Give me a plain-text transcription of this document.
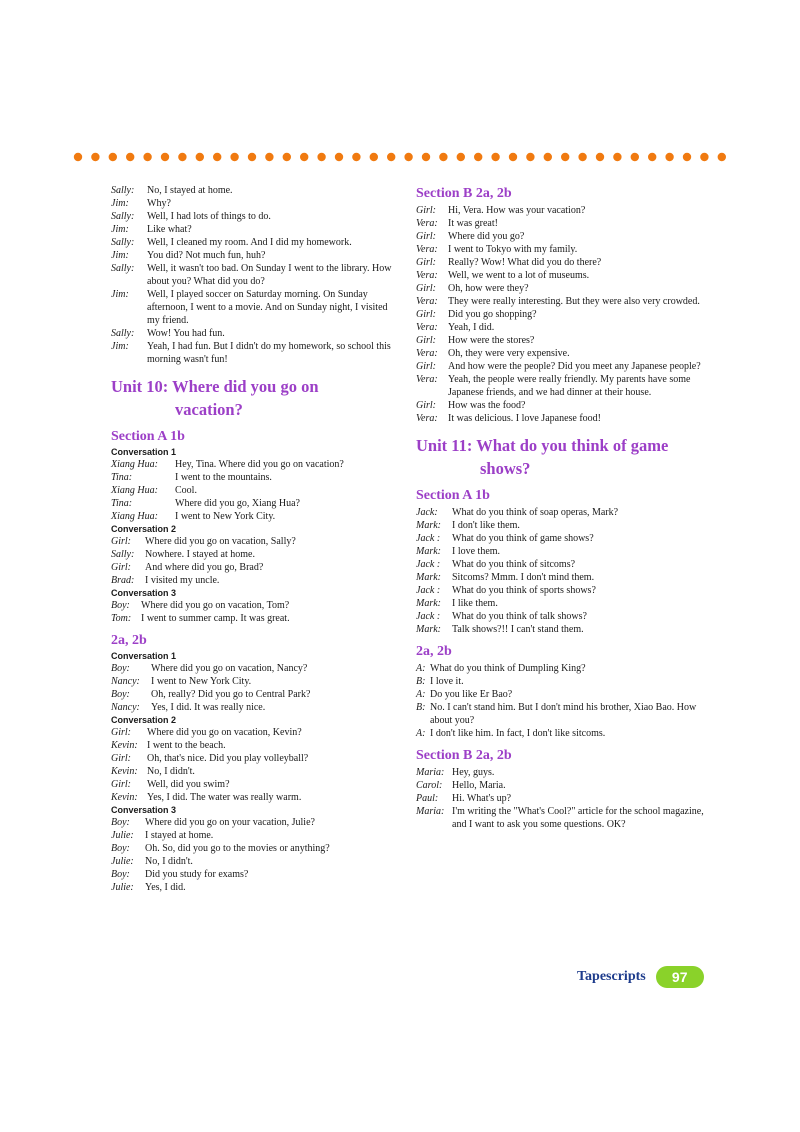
Sally:	No, I stayed at home.
Jim:	Why?
Sally:	Well, I had lots of things to do.
Jim:	Like what?
Sally:	Well, I cleaned my room. And I did my homework.
Jim:	You did? Not much fun, huh?
Sally:	Well, it wasn't too bad. On Sunday I went to the library. How about you? What did you do?
Jim:	Well, I played soccer on Saturday morning. On Sunday afternoon, I went to a movie. And on Sunday night, I visited my friend.
Sally:	Wow! You had fun.
Jim:	Yeah, I had fun. But I didn't do my homework, so school this morning wasn't fun!
Unit 10: Where did you go on
vacation?
Section A 1b
Conversation 1
Xiang Hua:	Hey, Tina. Where did you go on vacation?
Tina:	I went to the mountains.
Xiang Hua:	Cool.
Tina:	Where did you go, Xiang Hua?
Xiang Hua:	I went to New York City.
Conversation 2
Girl:	Where did you go on vacation, Sally?
Sally:	Nowhere. I stayed at home.
Girl:	And where did you go, Brad?
Brad:	I visited my uncle.
Conversation 3
Boy:	Where did you go on vacation, Tom?
Tom: I went to summer camp. It was great.
2a, 2b
Conversation 1
Boy:	Where did you go on vacation, Nancy?
Nancy:	I went to New York City.
Boy:	Oh, really? Did you go to Central Park?
Nancy:	Yes, I did. It was really nice.
Conversation 2
Girl:	Where did you go on vacation, Kevin?
Kevin: I went to the beach.
Girl:	Oh, that's nice. Did you play volleyball?
Kevin: No, I didn't.
Girl:	Well, did you swim?
Kevin: Yes, I did. The water was really warm.
Conversation 3
Boy:	Where did you go on your vacation, Julie?
Julie:	I stayed at home.
Boy:	Oh. So, did you go to the movies or anything?
Julie:	No, I didn't.
Boy:	Did you study for exams?
Julie:	Yes, I did.
Section B 2a, 2b
Girl:	Hi, Vera. How was your vacation?
Vera:	It was great!
Girl:	Where did you go?
Vera:	I went to Tokyo with my family.
Girl:	Really? Wow! What did you do there?
Vera:	Well, we went to a lot of museums.
Girl:	Oh, how were they?
Vera:	They were really interesting. But they were also very crowded.
Girl:	Did you go shopping?
Vera:	Yeah, I did.
Girl:	How were the stores?
Vera:	Oh, they were very expensive.
Girl:	And how were the people? Did you meet any Japanese people?
Vera:	Yeah, the people were really friendly. My parents have some Japanese friends, and we had dinner at their house.
Girl:	How was the food?
Vera:	It was delicious. I love Japanese food!
Unit 11: What do you think of game
shows?
Section A 1b
Jack:	What do you think of soap operas, Mark?
Mark:	I don't like them.
Jack :	What do you think of game shows?
Mark:	I love them.
Jack :	What do you think of sitcoms?
Mark:	Sitcoms? Mmm. I don't mind them.
Jack :	What do you think of sports shows?
Mark:	I like them.
Jack :	What do you think of talk shows?
Mark:	Talk shows?!! I can't stand them.
2a, 2b
A: What do you think of Dumpling King?
B: I love it.
A: Do you like Er Bao?
B: No. I can't stand him. But I don't mind his brother, Xiao Bao. How about you?
A: I don't like him. In fact, I don't like sitcoms.
Section B 2a, 2b
Maria: Hey, guys.
Carol: Hello, Maria.
Paul:	Hi. What's up?
Maria: I'm writing the "What's Cool?" article for the school magazine, and I want to ask you some questions. OK?
Tapescripts	97
